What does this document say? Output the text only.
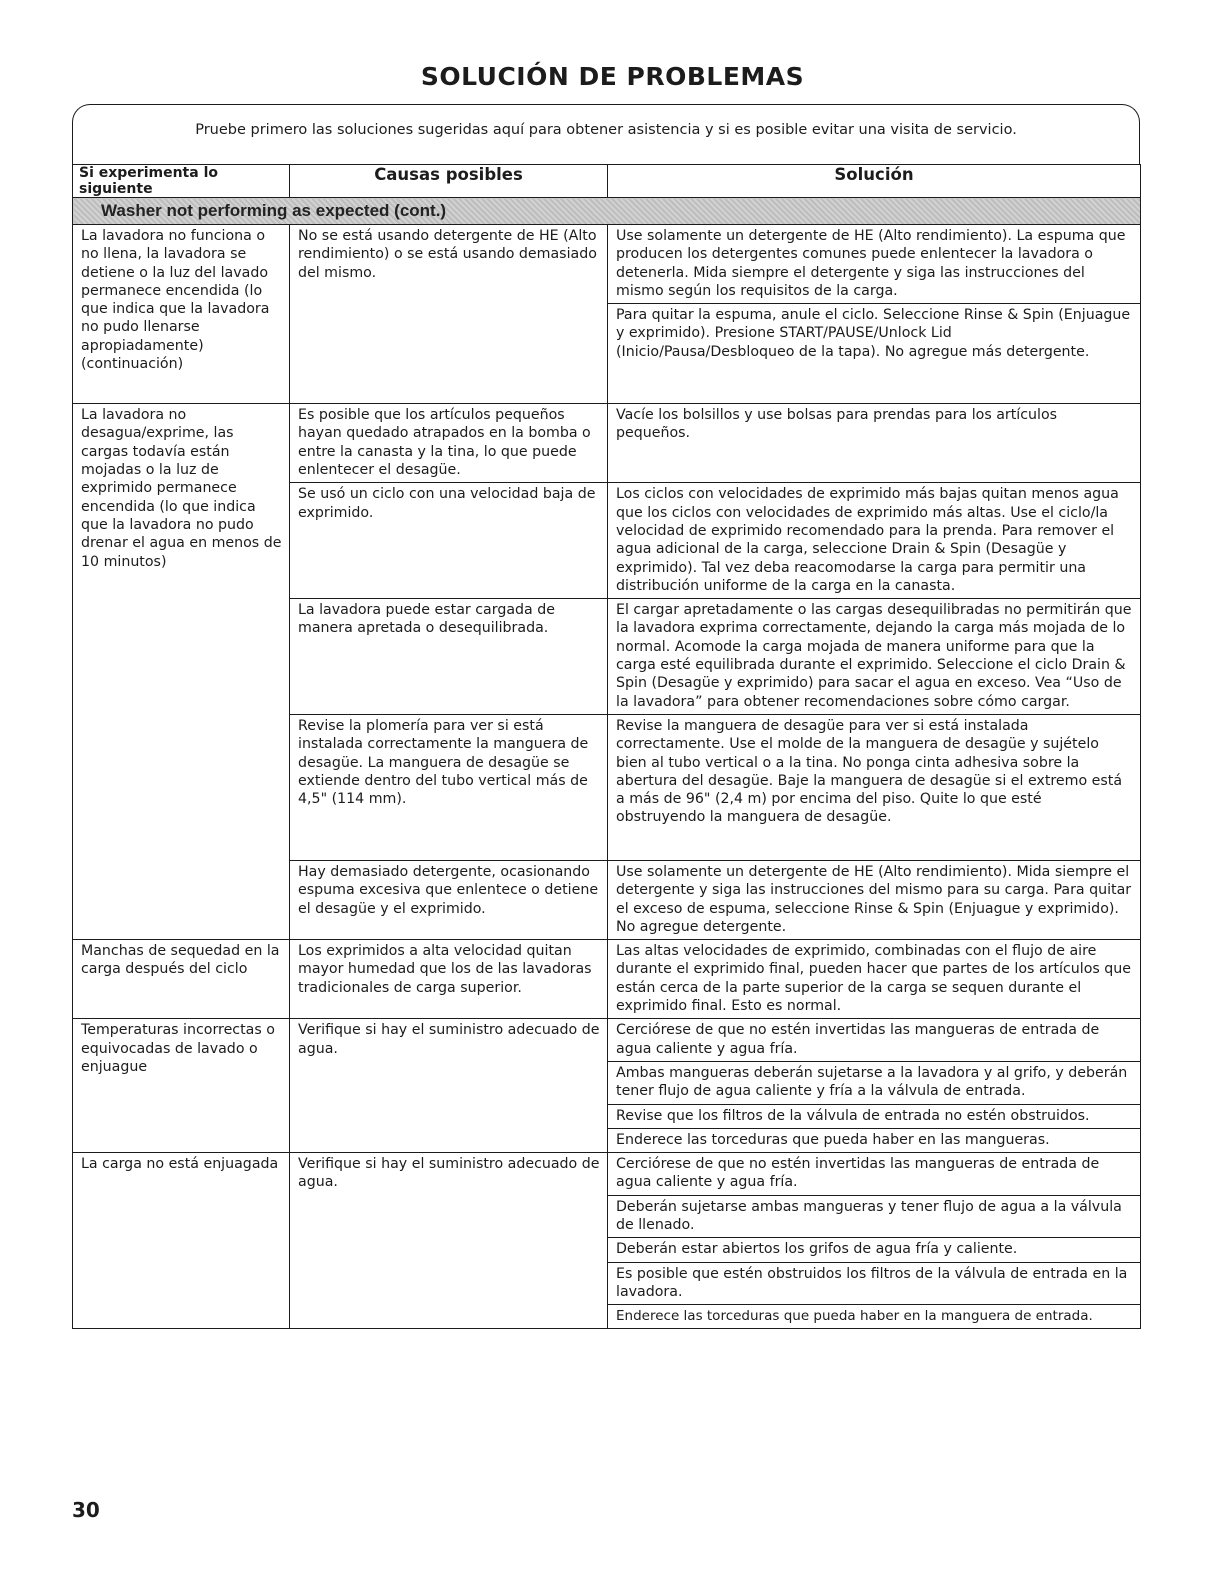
SOLUCIÓN DE PROBLEMAS
Pruebe primero las soluciones sugeridas aquí para obtener asistencia y si es posible evitar una visita de servicio.
Si experimenta lo siguiente	Causas posibles	Solución
Washer not performing as expected (cont.)		
La lavadora no funciona o no llena, la lavadora se detiene o la luz del lavado permanece encendida (lo que indica que la lavadora no pudo llenarse apropiadamente) (continuación)	No se está usando detergente de HE (Alto rendimiento) o se está usando demasiado del mismo.	Use solamente un detergente de HE (Alto rendimiento). La espuma que producen los detergentes comunes puede enlentecer la lavadora o detenerla. Mida siempre el detergente y siga las instrucciones del mismo según los requisitos de la carga.
		Para quitar la espuma, anule el ciclo. Seleccione Rinse & Spin (Enjuague y exprimido). Presione START/PAUSE/Unlock Lid (Inicio/Pausa/Desbloqueo de la tapa). No agregue más detergente.
La lavadora no desagua/exprime, las cargas todavía están mojadas o la luz de exprimido permanece encendida (lo que indica que la lavadora no pudo drenar el agua en menos de 10 minutos)	Es posible que los artículos pequeños hayan quedado atrapados en la bomba o entre la canasta y la tina, lo que puede enlentecer el desagüe.	Vacíe los bolsillos y use bolsas para prendas para los artículos pequeños.
	Se usó un ciclo con una velocidad baja de exprimido.	Los ciclos con velocidades de exprimido más bajas quitan menos agua que los ciclos con velocidades de exprimido más altas. Use el ciclo/la velocidad de exprimido recomendado para la prenda. Para remover el agua adicional de la carga, seleccione Drain & Spin (Desagüe y exprimido). Tal vez deba reacomodarse la carga para permitir una distribución uniforme de la carga en la canasta.
	La lavadora puede estar cargada de manera apretada o desequilibrada.	El cargar apretadamente o las cargas desequilibradas no permitirán que la lavadora exprima correctamente, dejando la carga más mojada de lo normal. Acomode la carga mojada de manera uniforme para que la carga esté equilibrada durante el exprimido. Seleccione el ciclo Drain & Spin (Desagüe y exprimido) para sacar el agua en exceso. Vea “Uso de la lavadora” para obtener recomendaciones sobre cómo cargar.
	Revise la plomería para ver si está instalada correctamente la manguera de desagüe. La manguera de desagüe se extiende dentro del tubo vertical más de 4,5" (114 mm).	Revise la manguera de desagüe para ver si está instalada correctamente. Use el molde de la manguera de desagüe y sujételo bien al tubo vertical o a la tina. No ponga cinta adhesiva sobre la abertura del desagüe. Baje la manguera de desagüe si el extremo está a más de 96" (2,4 m) por encima del piso. Quite lo que esté obstruyendo la manguera de desagüe.
	Hay demasiado detergente, ocasionando espuma excesiva que enlentece o detiene el desagüe y el exprimido.	Use solamente un detergente de HE (Alto rendimiento). Mida siempre el detergente y siga las instrucciones del mismo para su carga. Para quitar el exceso de espuma, seleccione Rinse & Spin (Enjuague y exprimido). No agregue detergente.
Manchas de sequedad en la carga después del ciclo	Los exprimidos a alta velocidad quitan mayor humedad que los de las lavadoras tradicionales de carga superior.	Las altas velocidades de exprimido, combinadas con el flujo de aire durante el exprimido final, pueden hacer que partes de los artículos que están cerca de la parte superior de la carga se sequen durante el exprimido final. Esto es normal.
Temperaturas incorrectas o equivocadas de lavado o enjuague	Verifique si hay el suministro adecuado de agua.	Cerciórese de que no estén invertidas las mangueras de entrada de agua caliente y agua fría.
		Ambas mangueras deberán sujetarse a la lavadora y al grifo, y deberán tener flujo de agua caliente y fría a la válvula de entrada.
		Revise que los filtros de la válvula de entrada no estén obstruidos.
		Enderece las torceduras que pueda haber en las mangueras.
La carga no está enjuagada	Verifique si hay el suministro adecuado de agua.	Cerciórese de que no estén invertidas las mangueras de entrada de agua caliente y agua fría.
		Deberán sujetarse ambas mangueras y tener flujo de agua a la válvula de llenado.
		Deberán estar abiertos los grifos de agua fría y caliente.
		Es posible que estén obstruidos los filtros de la válvula de entrada en la lavadora.
		Enderece las torceduras que pueda haber en la manguera de entrada.
30
